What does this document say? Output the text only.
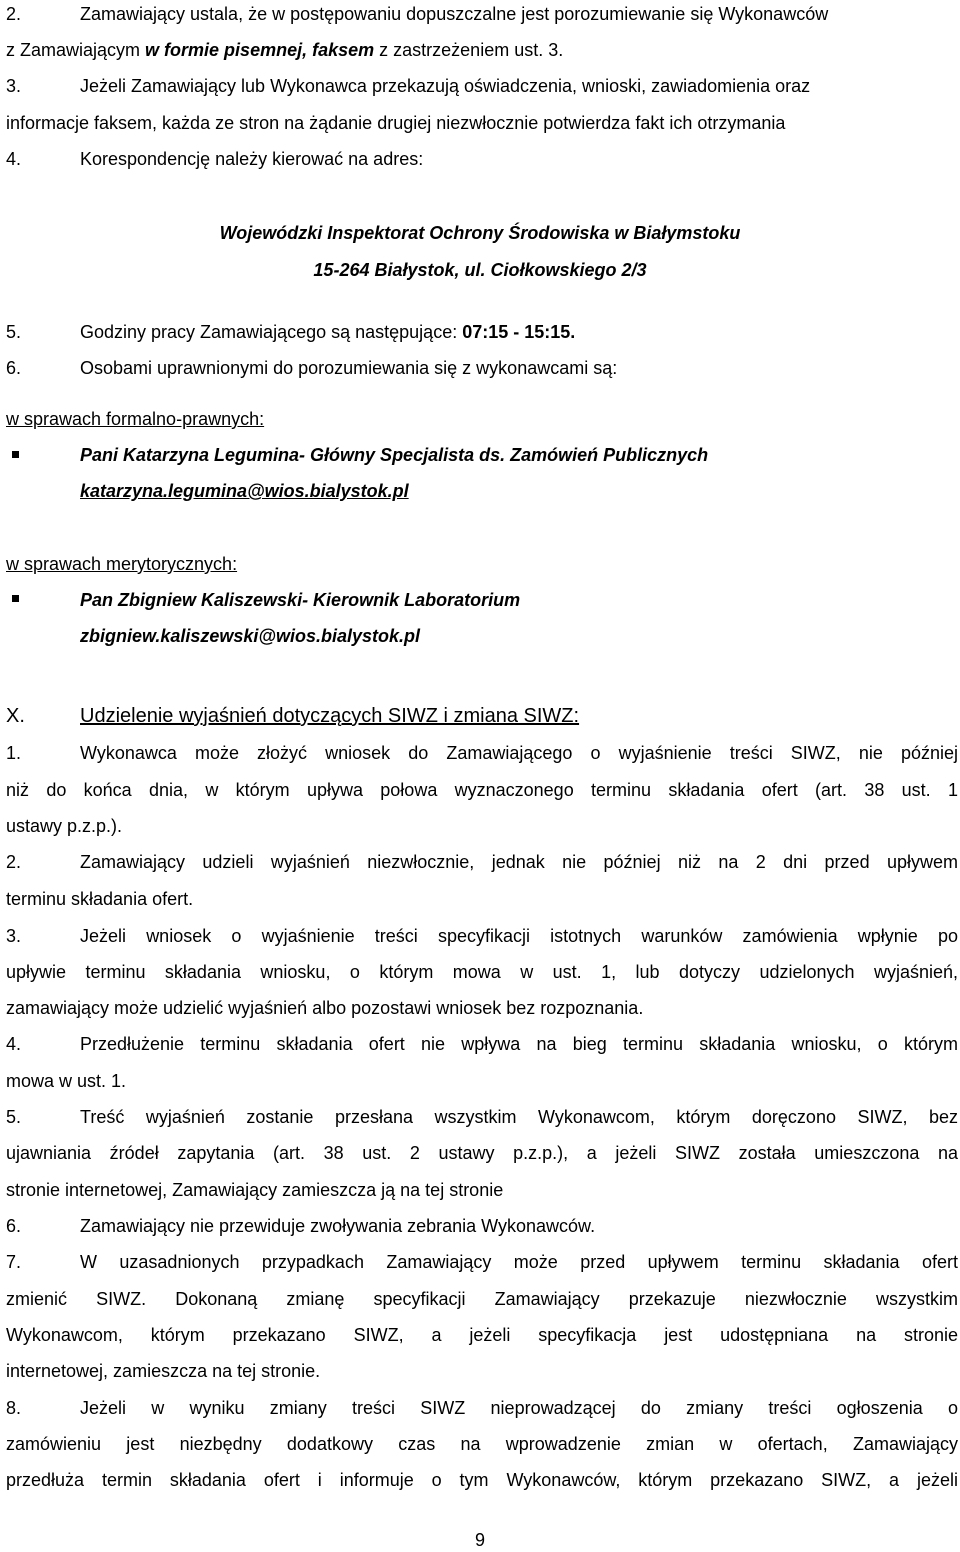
2.	Zamawiający ustala, że w postępowaniu dopuszczalne jest porozumiewanie się Wykonawców
z Zamawiającym w formie pisemnej, faksem z zastrzeżeniem ust. 3.
3.	Jeżeli Zamawiający lub Wykonawca przekazują oświadczenia, wnioski, zawiadomienia oraz
informacje faksem, każda ze stron na żądanie drugiej niezwłocznie potwierdza fakt ich otrzymania
4.	Korespondencję należy kierować na adres:
Wojewódzki Inspektorat Ochrony Środowiska w Białymstoku
15-264 Białystok, ul. Ciołkowskiego 2/3
5.	Godziny pracy Zamawiającego są następujące: 07:15 - 15:15.
6.	Osobami uprawnionymi do porozumiewania się z wykonawcami są:
w sprawach formalno-prawnych:
Pani Katarzyna Legumina- Główny Specjalista ds. Zamówień Publicznych
katarzyna.legumina@wios.bialystok.pl
w sprawach merytorycznych:
Pan Zbigniew Kaliszewski- Kierownik Laboratorium
zbigniew.kaliszewski@wios.bialystok.pl
X.	Udzielenie wyjaśnień dotyczących SIWZ i zmiana SIWZ:
1.	Wykonawca może złożyć wniosek do Zamawiającego o wyjaśnienie treści SIWZ, nie później
niż do końca dnia, w którym upływa połowa wyznaczonego terminu składania ofert (art. 38 ust. 1
ustawy p.z.p.).
2.	Zamawiający udzieli wyjaśnień niezwłocznie, jednak nie później niż na 2 dni przed upływem
terminu składania ofert.
3.	Jeżeli wniosek o wyjaśnienie treści specyfikacji istotnych warunków zamówienia wpłynie po
upływie terminu składania wniosku, o którym mowa w ust. 1, lub dotyczy udzielonych wyjaśnień,
zamawiający może udzielić wyjaśnień albo pozostawi wniosek bez rozpoznania.
4.	Przedłużenie terminu składania ofert nie wpływa na bieg terminu składania wniosku, o którym
mowa w ust. 1.
5.	Treść wyjaśnień zostanie przesłana wszystkim Wykonawcom, którym doręczono SIWZ, bez
ujawniania źródeł zapytania (art. 38 ust. 2 ustawy p.z.p.), a jeżeli SIWZ została umieszczona na
stronie internetowej, Zamawiający zamieszcza ją na tej stronie
6.	Zamawiający nie przewiduje zwoływania zebrania Wykonawców.
7.	W uzasadnionych przypadkach Zamawiający może przed upływem terminu składania ofert
zmienić SIWZ. Dokonaną zmianę specyfikacji Zamawiający przekazuje niezwłocznie wszystkim
Wykonawcom, którym przekazano SIWZ, a jeżeli specyfikacja jest udostępniana na stronie
internetowej, zamieszcza na tej stronie.
8.	Jeżeli w wyniku zmiany treści SIWZ nieprowadzącej do zmiany treści ogłoszenia o
zamówieniu jest niezbędny dodatkowy czas na wprowadzenie zmian w ofertach, Zamawiający
przedłuża termin składania ofert i informuje o tym Wykonawców, którym przekazano SIWZ, a jeżeli
9
